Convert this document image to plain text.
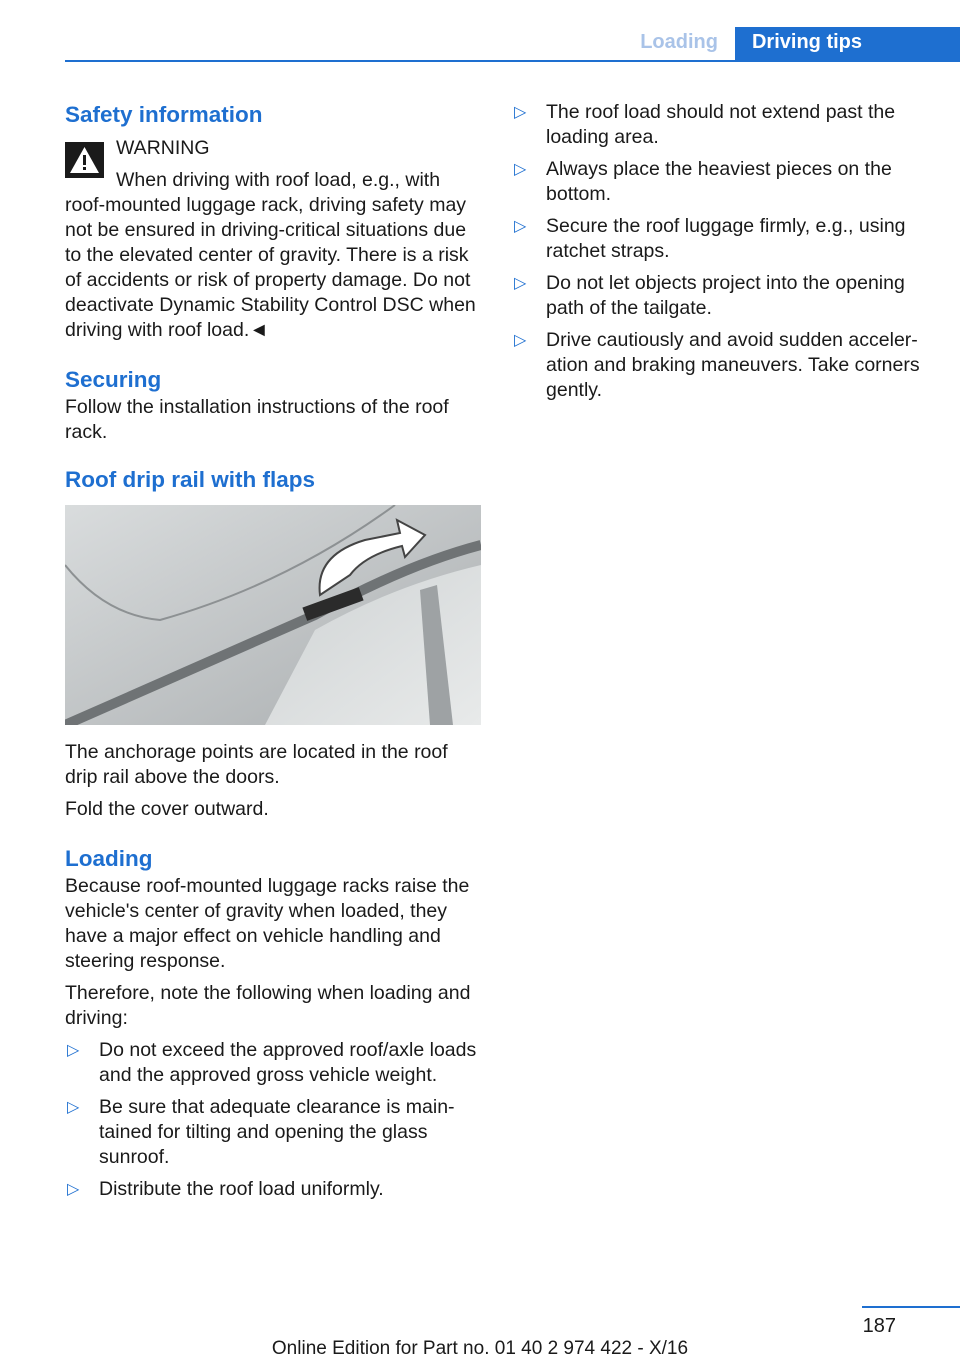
Loading	Driving tips
Safety information

WARNING

When driving with roof load, e.g., with roof-mounted luggage rack, driving safety may not be ensured in driving-critical situations due to the elevated center of gravity. There is a risk of accidents or risk of property damage. Do not deactivate Dynamic Stability Control DSC when driving with roof load.◄

Securing

Follow the installation instructions of the roof rack.

Roof drip rail with flaps

The anchorage points are located in the roof drip rail above the doors.

Fold the cover outward.

Loading

Because roof-mounted luggage racks raise the vehicle's center of gravity when loaded, they have a major effect on vehicle handling and steering response.

Therefore, note the following when loading and driving:

▷ Do not exceed the approved roof/axle loads and the approved gross vehicle weight.
▷ Be sure that adequate clearance is main‐tained for tilting and opening the glass sunroof.
▷ Distribute the roof load uniformly.
▷ The roof load should not extend past the loading area.
▷ Always place the heaviest pieces on the bottom.
▷ Secure the roof luggage firmly, e.g., using ratchet straps.
▷ Do not let objects project into the opening path of the tailgate.
▷ Drive cautiously and avoid sudden acceler‐ation and braking maneuvers. Take corners gently.
187
Online Edition for Part no. 01 40 2 974 422 - X/16
